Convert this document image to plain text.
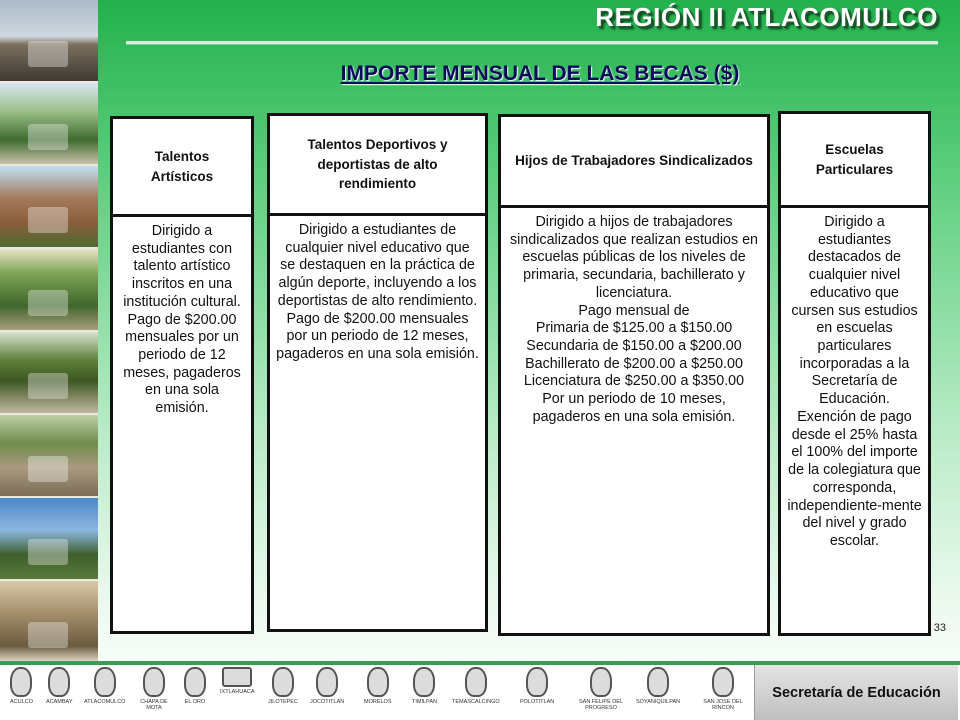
REGIÓN II ATLACOMULCO
IMPORTE MENSUAL DE LAS BECAS ($)
Talentos Artísticos
Dirigido a estudiantes con talento artístico inscritos en una institución cultural.
Pago de $200.00 mensuales por un periodo de 12 meses, pagaderos en una sola emisión.
Talentos Deportivos y deportistas de alto rendimiento
Dirigido a estudiantes de cualquier nivel educativo que se destaquen en la práctica de algún deporte, incluyendo a los deportistas de alto rendimiento.
Pago de $200.00 mensuales por un periodo de 12 meses, pagaderos en una sola emisión.
Hijos de Trabajadores Sindicalizados
Dirigido a hijos de trabajadores sindicalizados que realizan estudios en escuelas públicas de los niveles de primaria, secundaria, bachillerato y licenciatura.
Pago mensual de
Primaria de $125.00 a $150.00
Secundaria de $150.00 a $200.00
Bachillerato de $200.00 a $250.00
Licenciatura de $250.00 a $350.00
Por un periodo de 10 meses, pagaderos en una sola emisión.
Escuelas Particulares
Dirigido a estudiantes destacados de cualquier nivel educativo que cursen sus estudios en escuelas particulares incorporadas a la Secretaría de Educación.
Exención de pago desde el 25% hasta el 100% del importe de la colegiatura que corresponda, independiente-mente del nivel y grado escolar.

33

ACULCO ACAMBAY ATLACOMULCO	CHAPA DE MOTA
EL ORO
IXTLAHUACA
JILOTEPEC JOCOTITLAN	MORELOS	TIMILPAN	TEMASCALCINGO	POLOTITLAN	SAN FELIPE DEL PROGRESO
SOYANIQUILPAN	SAN JOSE DEL RINCON

Secretaría de Educación
